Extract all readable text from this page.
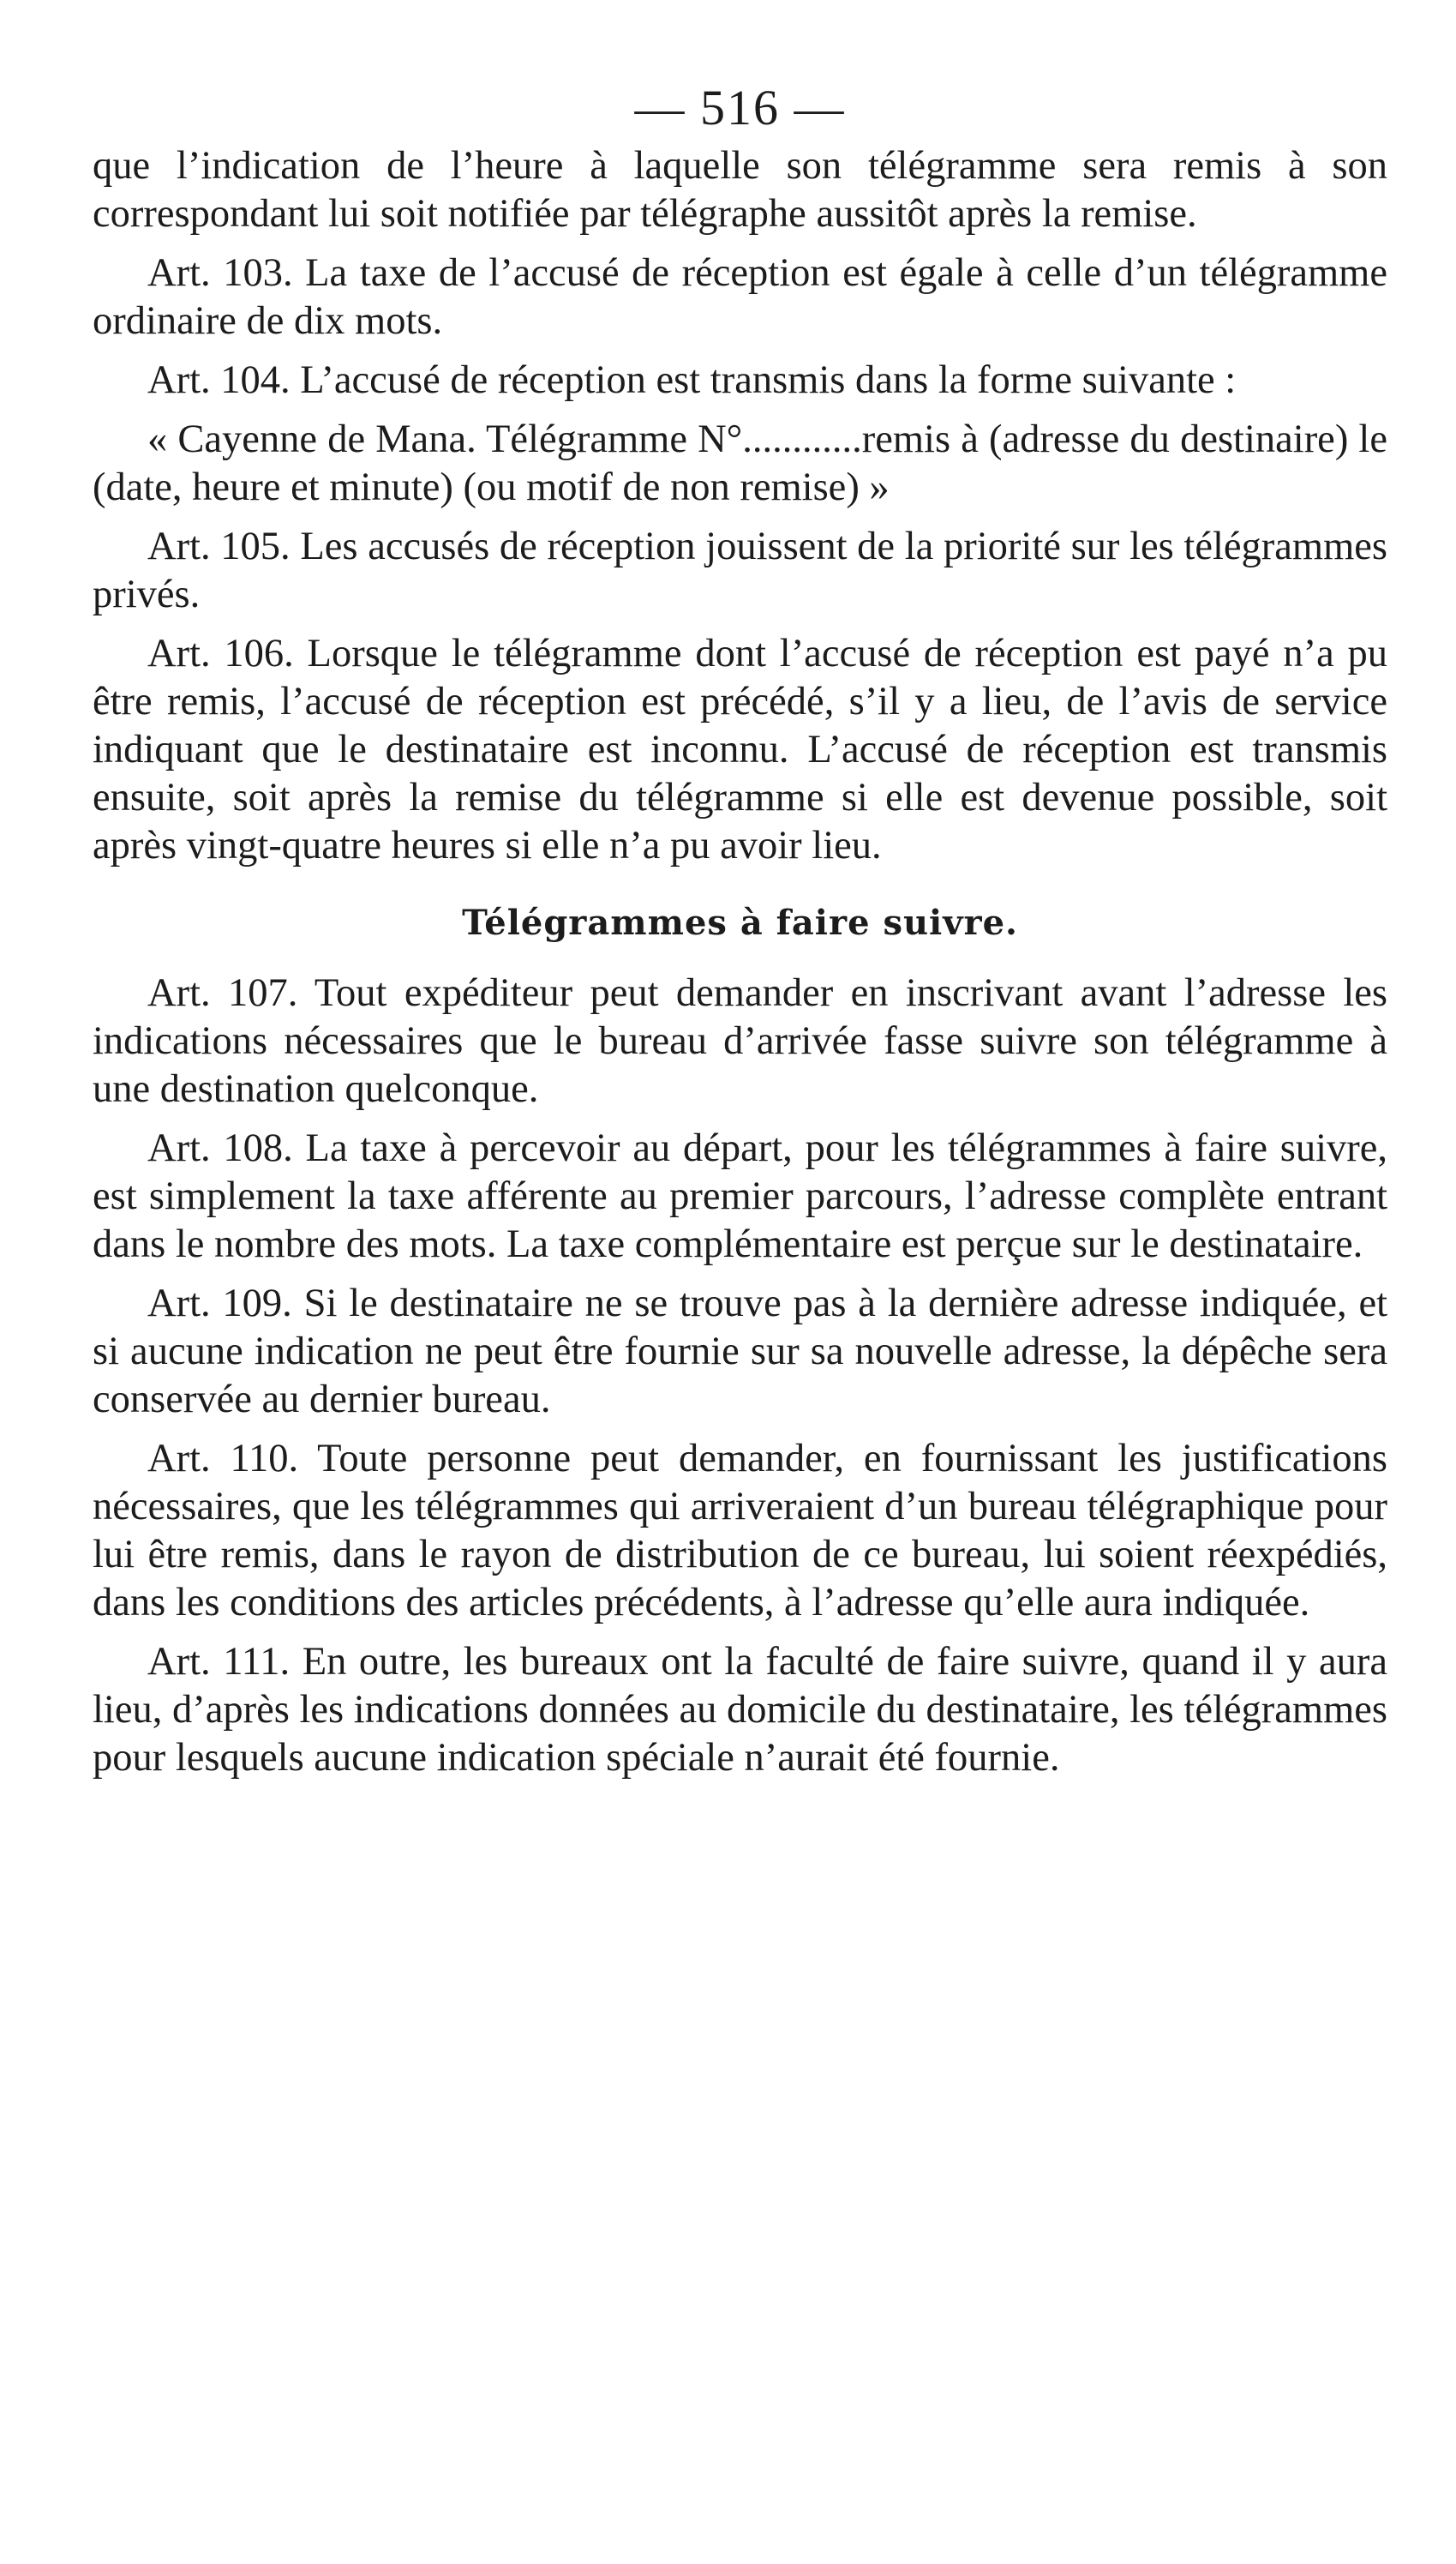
— 516 —

que l’indication de l’heure à laquelle son télégramme sera remis à son correspondant lui soit notifiée par télégraphe aussitôt après la remise.

Art. 103. La taxe de l’accusé de réception est égale à celle d’un télégramme ordinaire de dix mots.

Art. 104. L’accusé de réception est transmis dans la forme suivante :

« Cayenne de Mana. Télégramme N°............remis à (adresse du destinaire) le (date, heure et minute) (ou motif de non remise) »

Art. 105. Les accusés de réception jouissent de la priorité sur les télégrammes privés.

Art. 106. Lorsque le télégramme dont l’accusé de réception est payé n’a pu être remis, l’accusé de réception est précédé, s’il y a lieu, de l’avis de service indiquant que le destinataire est inconnu. L’accusé de réception est transmis ensuite, soit après la remise du télégramme si elle est devenue possible, soit après vingt-quatre heures si elle n’a pu avoir lieu.

Télégrammes à faire suivre.

Art. 107. Tout expéditeur peut demander en inscrivant avant l’adresse les indications nécessaires que le bureau d’arrivée fasse suivre son télégramme à une destination quelconque.

Art. 108. La taxe à percevoir au départ, pour les télégrammes à faire suivre, est simplement la taxe afférente au premier parcours, l’adresse complète entrant dans le nombre des mots. La taxe complémentaire est perçue sur le destinataire.

Art. 109. Si le destinataire ne se trouve pas à la dernière adresse indiquée, et si aucune indication ne peut être fournie sur sa nouvelle adresse, la dépêche sera conservée au dernier bureau.

Art. 110. Toute personne peut demander, en fournissant les justifications nécessaires, que les télégrammes qui arriveraient d’un bureau télégraphique pour lui être remis, dans le rayon de distribution de ce bureau, lui soient réexpédiés, dans les conditions des articles précédents, à l’adresse qu’elle aura indiquée.

Art. 111. En outre, les bureaux ont la faculté de faire suivre, quand il y aura lieu, d’après les indications données au domicile du destinataire, les télégrammes pour lesquels aucune indication spéciale n’aurait été fournie.
